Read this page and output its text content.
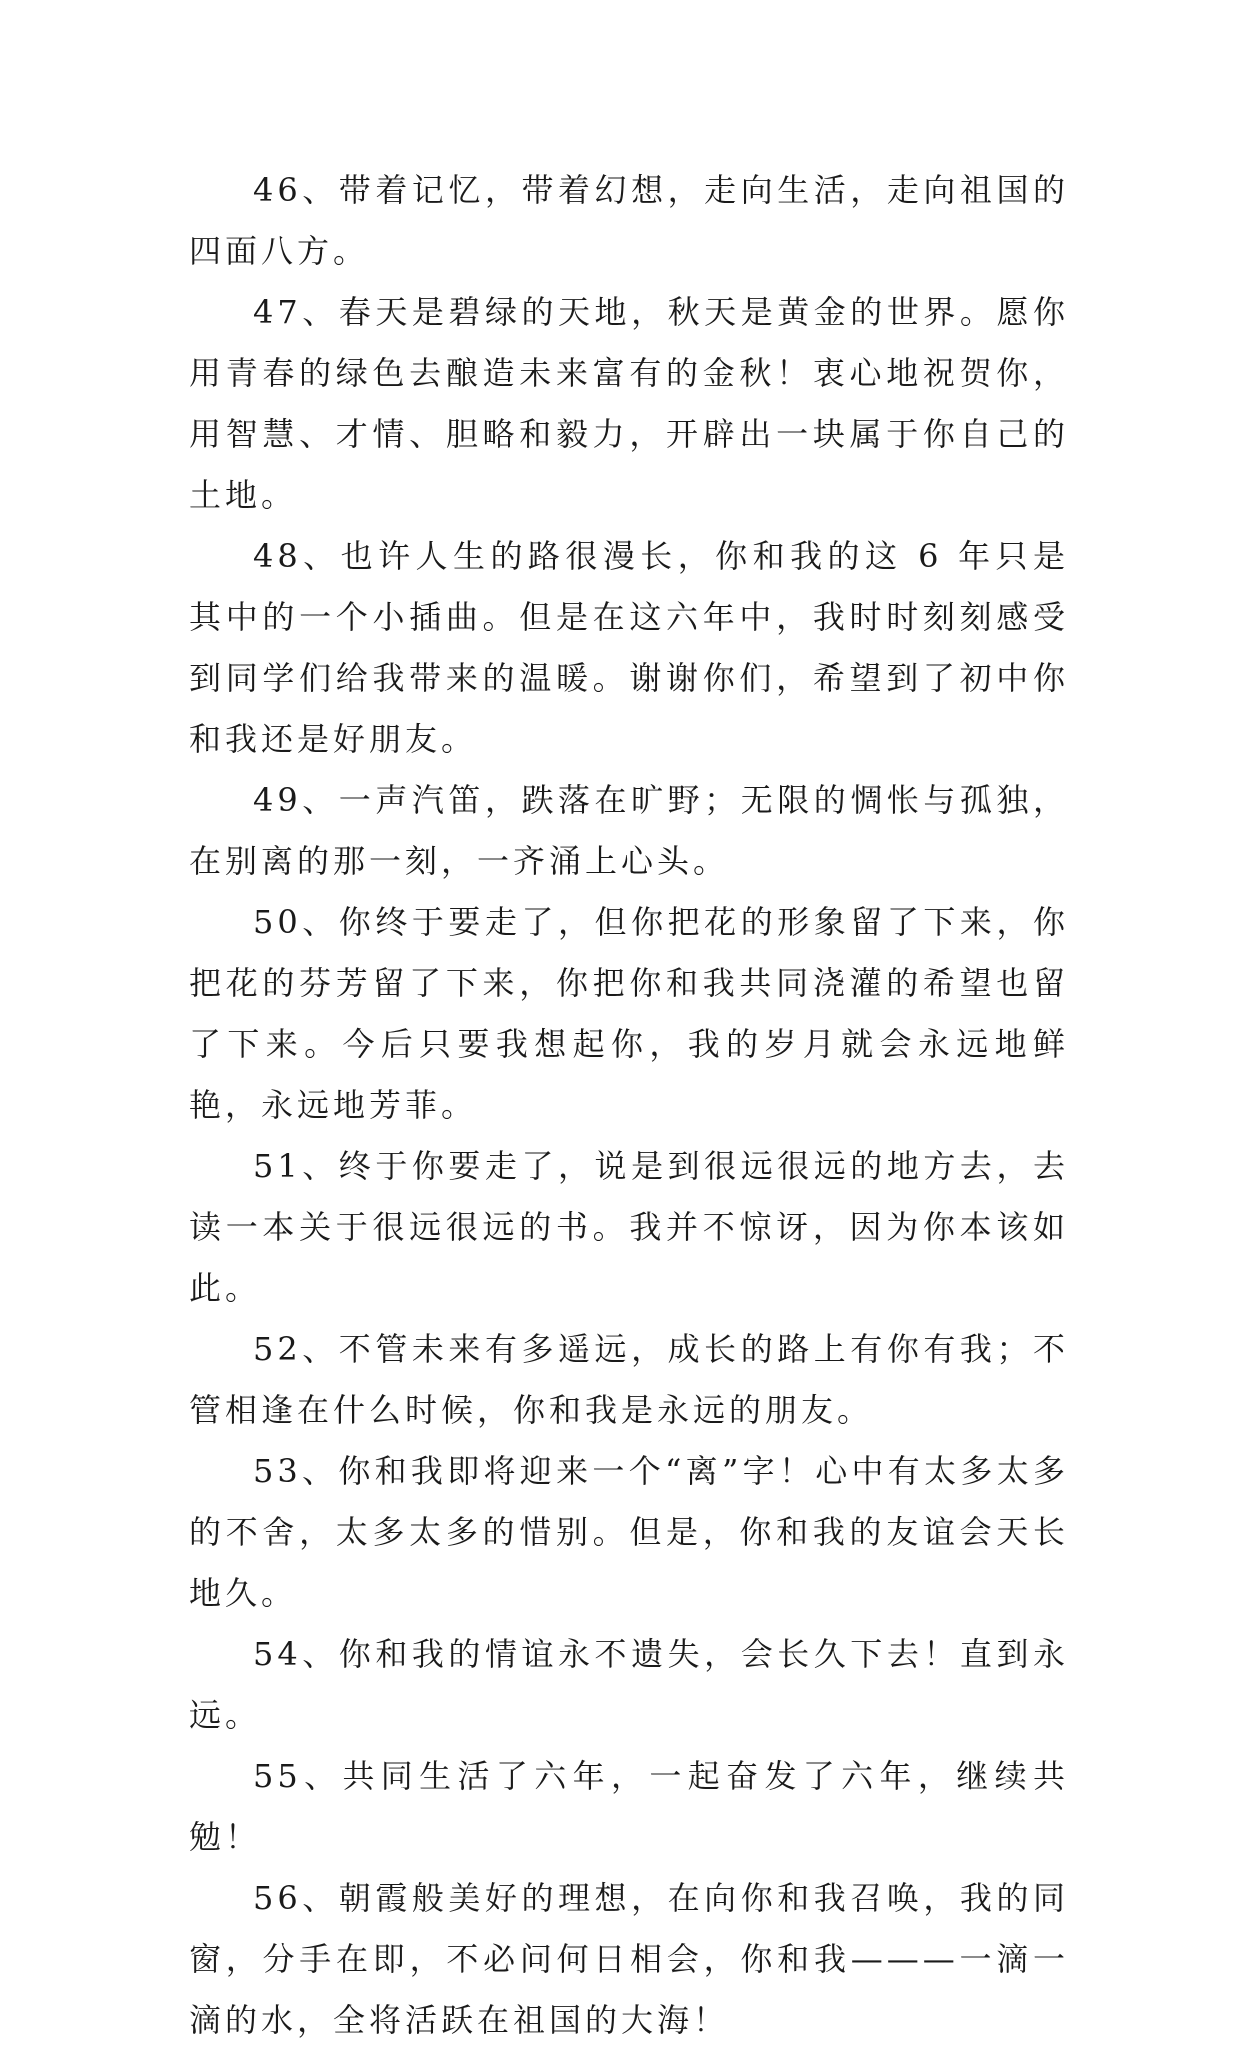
46、带着记忆，带着幻想，走向生活，走向祖国的四面八方。

47、春天是碧绿的天地，秋天是黄金的世界。愿你用青春的绿色去酿造未来富有的金秋！衷心地祝贺你，用智慧、才情、胆略和毅力，开辟出一块属于你自己的土地。

48、也许人生的路很漫长，你和我的这 6 年只是其中的一个小插曲。但是在这六年中，我时时刻刻感受到同学们给我带来的温暖。谢谢你们，希望到了初中你和我还是好朋友。

49、一声汽笛，跌落在旷野；无限的惆怅与孤独，在别离的那一刻，一齐涌上心头。

50、你终于要走了，但你把花的形象留了下来，你把花的芬芳留了下来，你把你和我共同浇灌的希望也留了下来。今后只要我想起你，我的岁月就会永远地鲜艳，永远地芳菲。

51、终于你要走了，说是到很远很远的地方去，去读一本关于很远很远的书。我并不惊讶，因为你本该如此。

52、不管未来有多遥远，成长的路上有你有我；不管相逢在什么时候，你和我是永远的朋友。

53、你和我即将迎来一个“离”字！心中有太多太多的不舍，太多太多的惜别。但是，你和我的友谊会天长地久。

54、你和我的情谊永不遗失，会长久下去！直到永远。

55、共同生活了六年，一起奋发了六年，继续共勉！

56、朝霞般美好的理想，在向你和我召唤，我的同窗，分手在即，不必问何日相会，你和我———一滴一滴的水，全将活跃在祖国的大海！
